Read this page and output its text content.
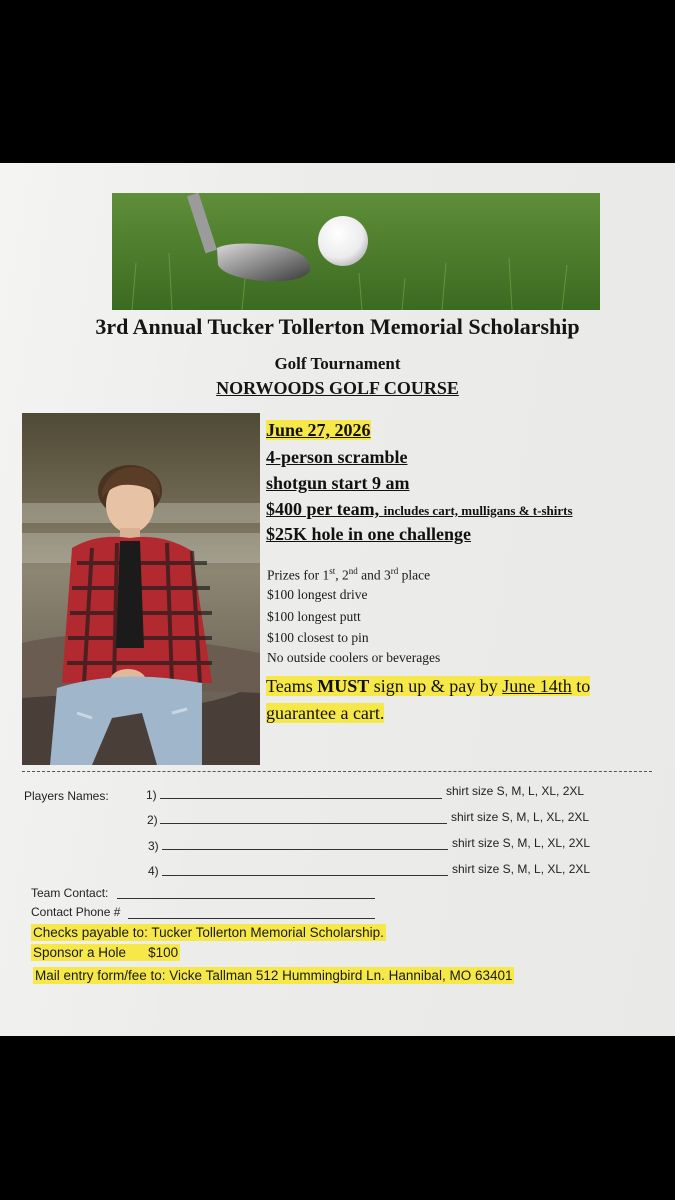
3rd Annual Tucker Tollerton Memorial Scholarship
Golf Tournament
NORWOODS GOLF COURSE
June 27, 2026
4-person scramble
shotgun start 9 am
$400 per team, includes cart, mulligans & t-shirts
$25K hole in one challenge
Prizes for 1st, 2nd and 3rd place
$100 longest drive
$100 longest putt
$100 closest to pin
No outside coolers or beverages
Teams MUST sign up & pay by June 14th to
guarantee a cart.
Players Names:	1)	shirt size S, M, L, XL, 2XL
2)	shirt size S, M, L, XL, 2XL
3)	shirt size S, M, L, XL, 2XL
4)	shirt size S, M, L, XL, 2XL
Team Contact:
Contact Phone #
Checks payable to: Tucker Tollerton Memorial Scholarship.
Sponsor a Hole $100
Mail entry form/fee to: Vicke Tallman 512 Hummingbird Ln. Hannibal, MO 63401
